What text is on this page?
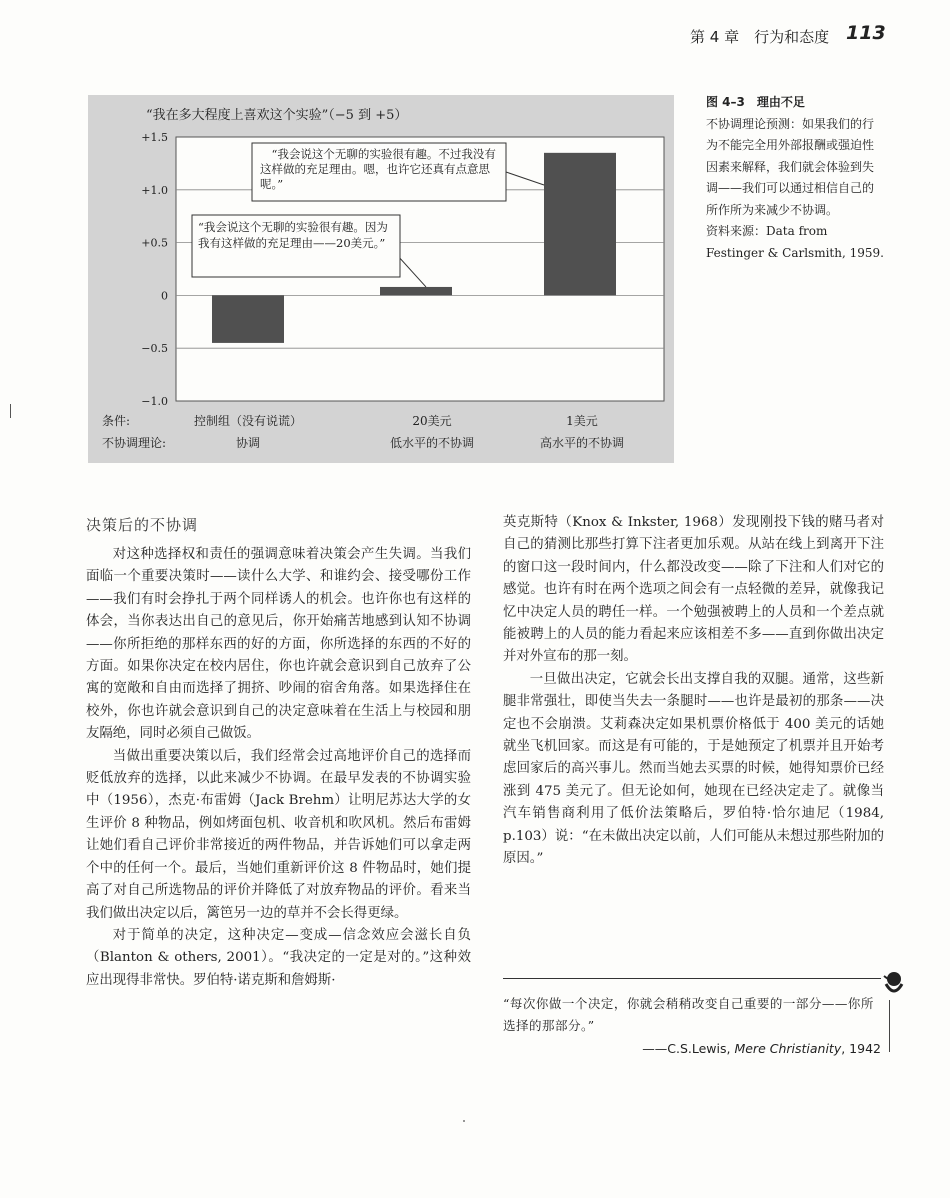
第 4 章　行为和态度 113
“我在多大程度上喜欢这个实验”（−5 到 +5）
+1.5
+1.0
+0.5
0
−0.5
−1.0
“我会说这个无聊的实验很有趣。不过我没有这样做的充足理由。嗯，也许它还真有点意思呢。”
“我会说这个无聊的实验很有趣。因为我有这样做的充足理由——20美元。”
条件:
不协调理论:
控制组（没有说谎）	20美元	1美元
协调	低水平的不协调	高水平的不协调
图 4–3　理由不足
不协调理论预测：如果我们的行为不能完全用外部报酬或强迫性因素来解释，我们就会体验到失调——我们可以通过相信自己的所作所为来减少不协调。
资料来源：Data from Festinger & Carlsmith, 1959.
决策后的不协调

对这种选择权和责任的强调意味着决策会产生失调。当我们面临一个重要决策时——读什么大学、和谁约会、接受哪份工作——我们有时会挣扎于两个同样诱人的机会。也许你也有这样的体会，当你表达出自己的意见后，你开始痛苦地感到认知不协调——你所拒绝的那样东西的好的方面，你所选择的东西的不好的方面。如果你决定在校内居住，你也许就会意识到自己放弃了公寓的宽敞和自由而选择了拥挤、吵闹的宿舍角落。如果选择住在校外，你也许就会意识到自己的决定意味着在生活上与校园和朋友隔绝，同时必须自己做饭。

当做出重要决策以后，我们经常会过高地评价自己的选择而贬低放弃的选择，以此来减少不协调。在最早发表的不协调实验中（1956），杰克·布雷姆（Jack Brehm）让明尼苏达大学的女生评价 8 种物品，例如烤面包机、收音机和吹风机。然后布雷姆让她们看自己评价非常接近的两件物品，并告诉她们可以拿走两个中的任何一个。最后，当她们重新评价这 8 件物品时，她们提高了对自己所选物品的评价并降低了对放弃物品的评价。看来当我们做出决定以后，篱笆另一边的草并不会长得更绿。

对于简单的决定，这种决定—变成—信念效应会滋长自负（Blanton & others, 2001）。“我决定的一定是对的。”这种效应出现得非常快。罗伯特·诺克斯和詹姆斯·

英克斯特（Knox & Inkster, 1968）发现刚投下钱的赌马者对自己的猜测比那些打算下注者更加乐观。从站在线上到离开下注的窗口这一段时间内，什么都没改变——除了下注和人们对它的感觉。也许有时在两个选项之间会有一点轻微的差异，就像我记忆中决定人员的聘任一样。一个勉强被聘上的人员和一个差点就能被聘上的人员的能力看起来应该相差不多——直到你做出决定并对外宣布的那一刻。

一旦做出决定，它就会长出支撑自我的双腿。通常，这些新腿非常强壮，即使当失去一条腿时——也许是最初的那条——决定也不会崩溃。艾莉森决定如果机票价格低于 400 美元的话她就坐飞机回家。而这是有可能的，于是她预定了机票并且开始考虑回家后的高兴事儿。然而当她去买票的时候，她得知票价已经涨到 475 美元了。但无论如何，她现在已经决定走了。就像当汽车销售商利用了低价法策略后，罗伯特·恰尔迪尼（1984, p.103）说：“在未做出决定以前，人们可能从未想过那些附加的原因。”

“每次你做一个决定，你就会稍稍改变自己重要的一部分——你所选择的那部分。”
——C.S.Lewis, Mere Christianity, 1942
